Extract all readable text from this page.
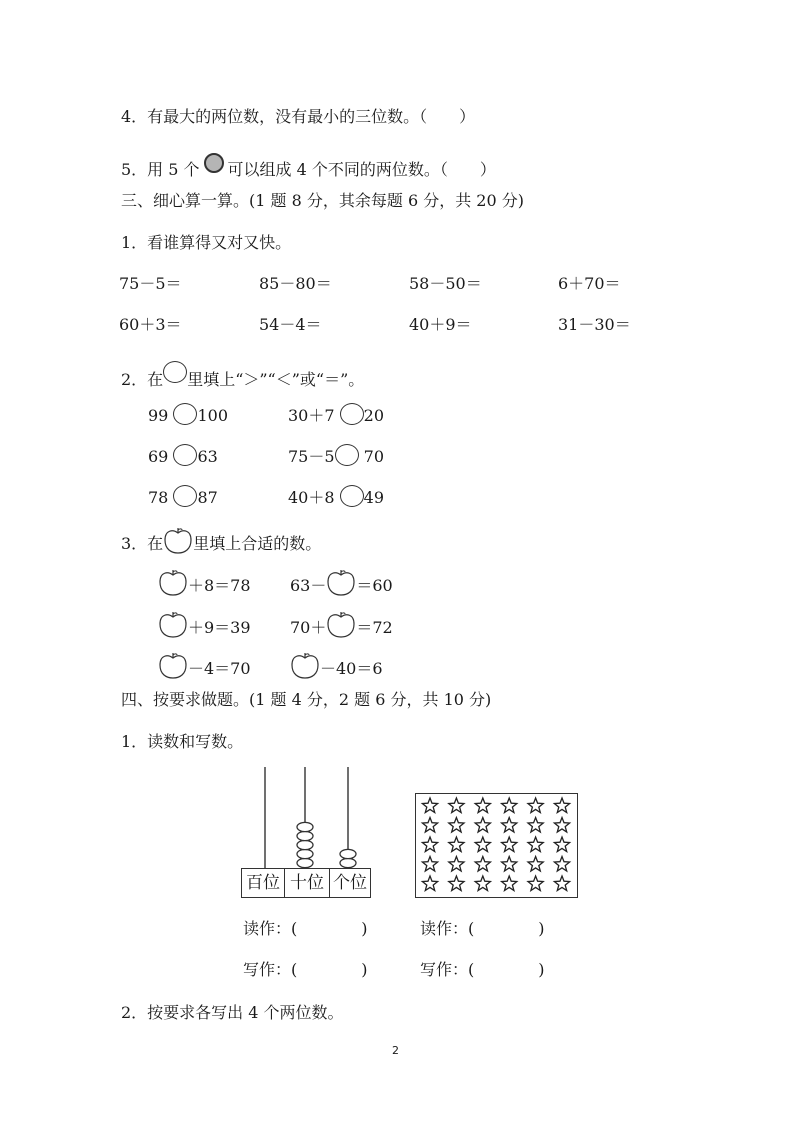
4．有最大的两位数，没有最小的三位数。（　　）
5．用 5 个 可以组成 4 个不同的两位数。（　　）
三、细心算一算。(1 题 8 分，其余每题 6 分，共 20 分)
1．看谁算得又对又快。
75－5＝	85－80＝	58－50＝	6＋70＝
60＋3＝	54－4＝	40＋9＝	31－30＝
2．在 里填上“＞”“＜”或“＝”。
99 100	30＋7 20
69 63	75－5 70
78 87	40＋8 49
3．在 里填上合适的数。
＋8＝78 63－ ＝60
＋9＝39 70＋ ＝72
－4＝70	－40＝6
四、按要求做题。(1 题 4 分，2 题 6 分，共 10 分)
1．读数和写数。
百位 十位 个位
读作：(　　　　)	读作：(　　　　)
写作：(　　　　)	写作：(　　　　)
2．按要求各写出 4 个两位数。
2
